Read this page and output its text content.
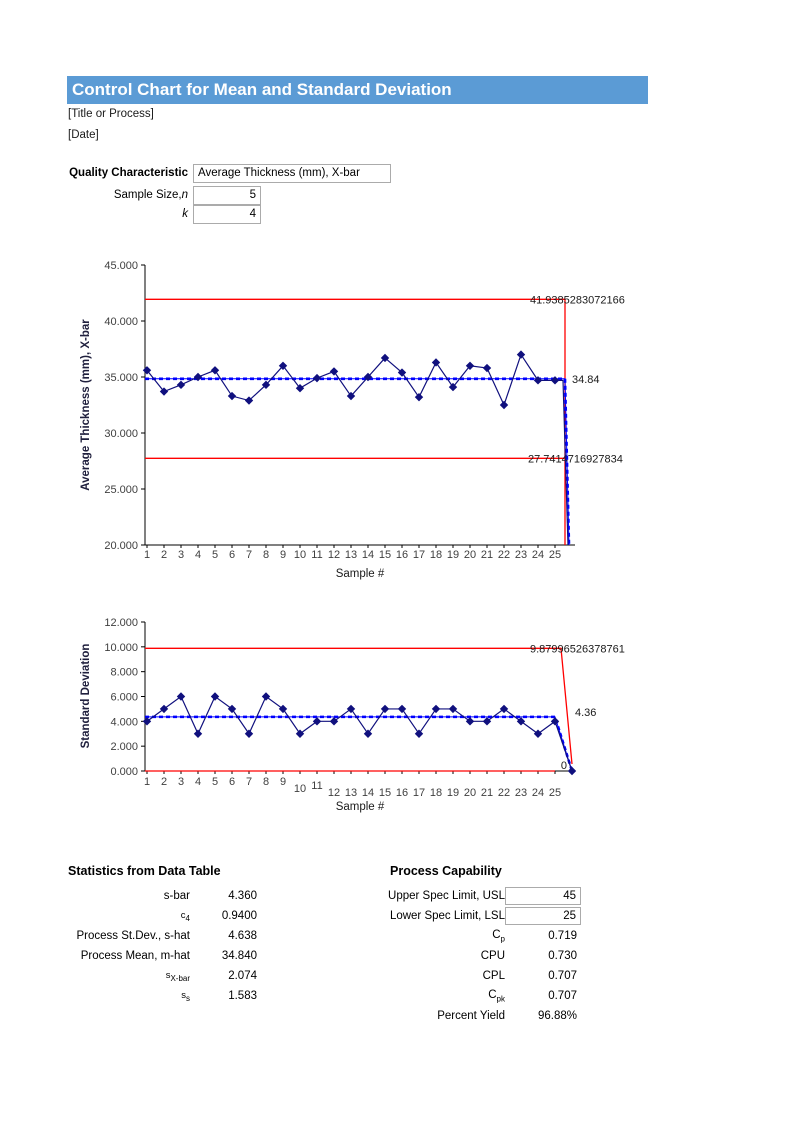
Control Chart for Mean and Standard Deviation
[Title or Process]
[Date]
Quality Characteristic Average Thickness (mm), X-bar
Sample Size,n	5
k	4
45.000
40.000
35.000
30.000
25.000
20.000
1 2 3 4 5 6 7 8 9 10 11 12 13 14 15 16 17 18 19 20 21 22 23 24 25
Sample #
Average Thickness (mm), X-bar
41.9385283072166
34.84
27.7414716927834
12.000
10.000
8.000
6.000
4.000
2.000
0.000
1 2 3 4 5 6 7 8 9
10 11
12 13 14 15 16 17 18 19 20 21 22 23 24 25
Sample #
Standard Deviation	9.87996526378761
4.36
0
Statistics from Data Table
s-bar	4.360
$c_4$	0.9400
Process St.Dev., s-hat	4.638
Process Mean, m-hat	34.840
$s_{X-bar}$	2.074
$s_s$	1.583
Process Capability
Upper Spec Limit, USL	45
Lower Spec Limit, LSL	25
$C_p$	0.719
CPU	0.730
CPL	0.707
$C_{pk}$	0.707
Percent Yield	96.88%
